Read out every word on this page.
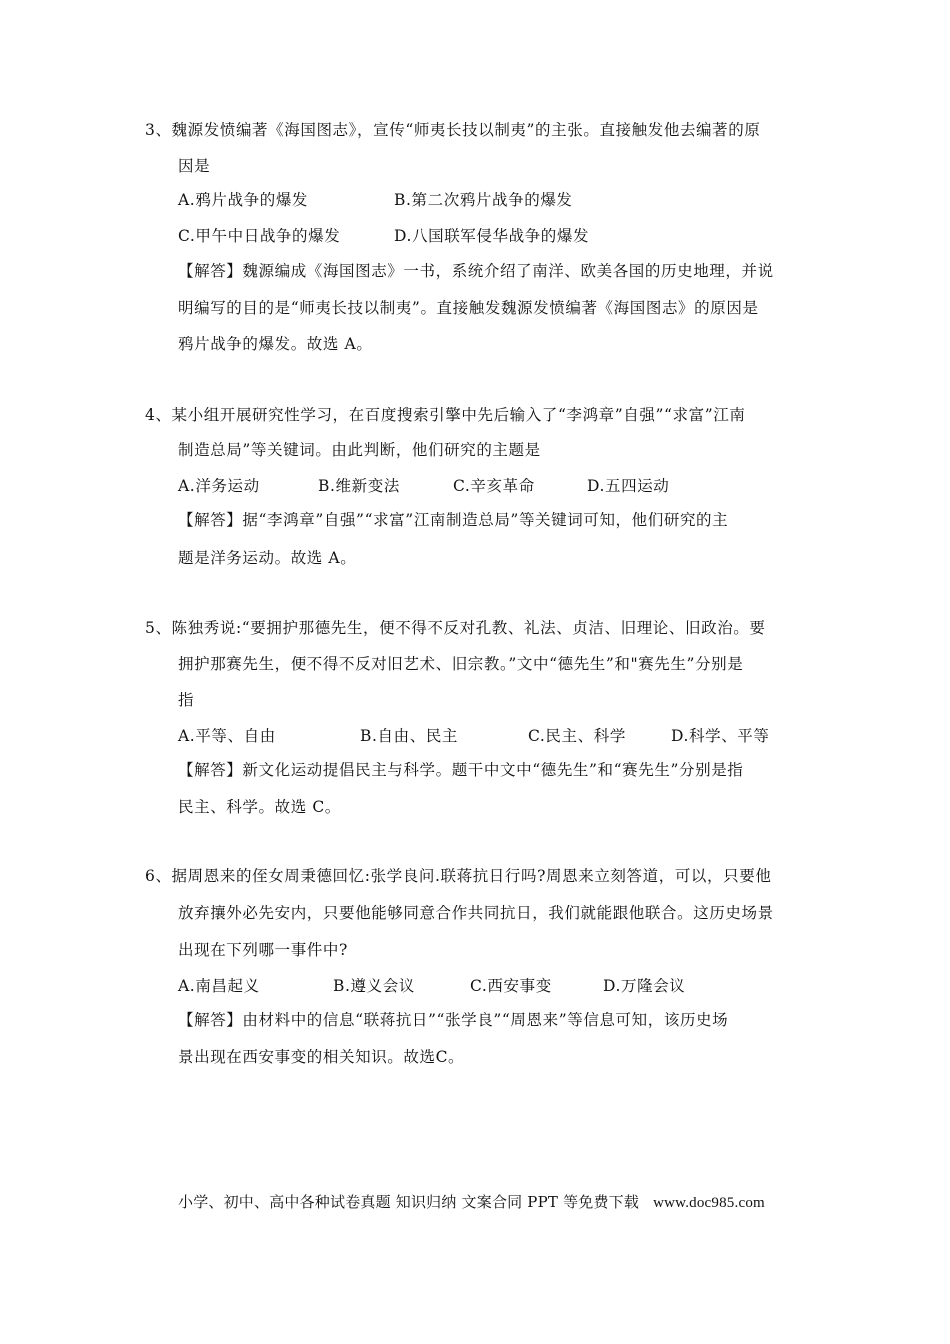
3、魏源发愤编著《海国图志》，宣传“师夷长技以制夷”的主张。直接触发他去编著的原
因是
A.鸦片战争的爆发	B.第二次鸦片战争的爆发
C.甲午中日战争的爆发	D.八国联军侵华战争的爆发
【解答】魏源编成《海国图志》一书，系统介绍了南洋、欧美各国的历史地理，并说
明编写的目的是“师夷长技以制夷”。直接触发魏源发愤编著《海国图志》的原因是
鸦片战争的爆发。故选 A。
4、某小组开展研究性学习，在百度搜索引擎中先后输入了“李鸿章”自强”“求富”江南
制造总局”等关键词。由此判断，他们研究的主题是
A.洋务运动	B.维新变法	C.辛亥革命	D.五四运动
【解答】据“李鸿章”自强”“求富”江南制造总局”等关键词可知，他们研究的主
题是洋务运动。故选 A。
5、陈独秀说:“要拥护那德先生，便不得不反对孔教、礼法、贞洁、旧理论、旧政治。要
拥护那赛先生，便不得不反对旧艺术、旧宗教。”文中“德先生”和"赛先生”分别是
指
A.平等、自由	B.自由、民主	C.民主、科学	D.科学、平等
【解答】新文化运动提倡民主与科学。题干中文中“德先生”和“赛先生”分别是指
民主、科学。故选 C。
6、据周恩来的侄女周秉德回忆:张学良问.联蒋抗日行吗?周恩来立刻答道，可以，只要他
放弃攘外必先安内，只要他能够同意合作共同抗日，我们就能跟他联合。这历史场景
出现在下列哪一事件中?
A.南昌起义	B.遵义会议	C.西安事变	D.万隆会议
【解答】由材料中的信息“联蒋抗日”“张学良”“周恩来”等信息可知，该历史场
景出现在西安事变的相关知识。故选C。
小学、初中、高中各种试卷真题 知识归纳 文案合同 PPT 等免费下载 www.doc985.com
